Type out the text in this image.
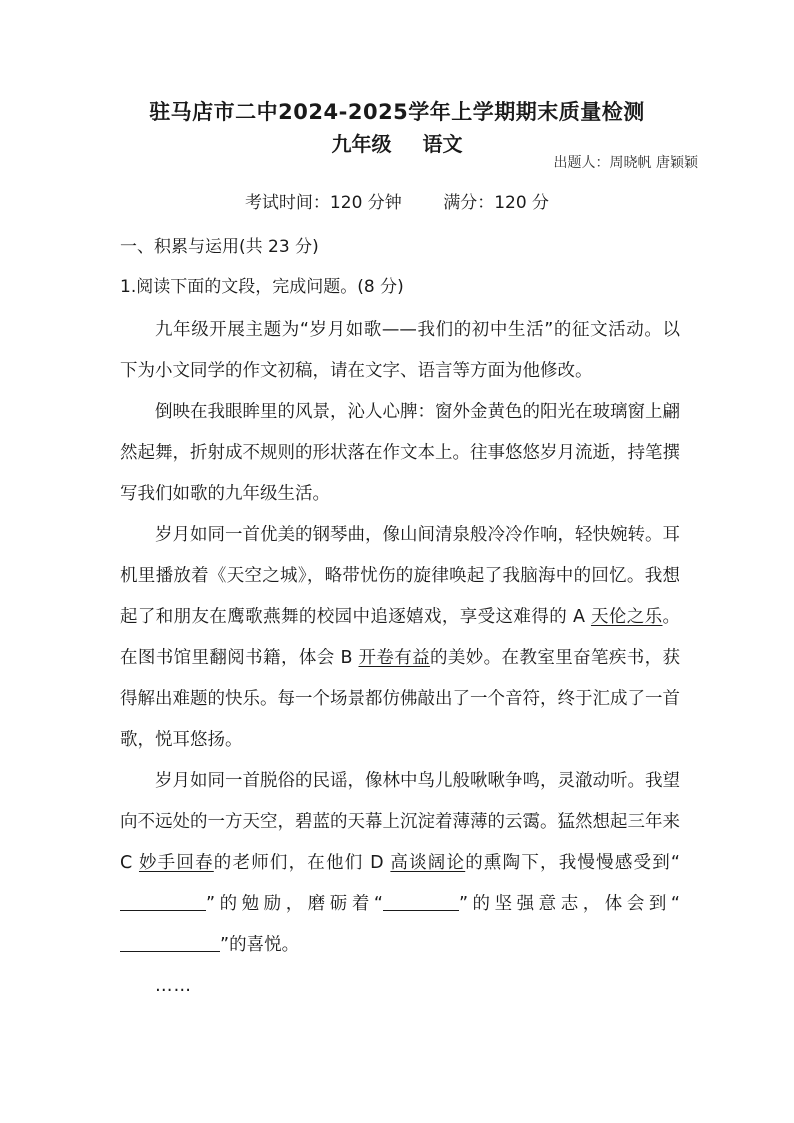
驻马店市二中2024-2025学年上学期期末质量检测
九年级 语文
出题人：周晓帆 唐颖颖
考试时间：120 分钟 满分：120 分
一、积累与运用(共 23 分)
1.阅读下面的文段，完成问题。(8 分)

九年级开展主题为“岁月如歌——我们的初中生活”的征文活动。以下为小文同学的作文初稿，请在文字、语言等方面为他修改。

倒映在我眼眸里的风景，沁人心脾：窗外金黄色的阳光在玻璃窗上翩然起舞，折射成不规则的形状落在作文本上。往事悠悠岁月流逝，持笔撰写我们如歌的九年级生活。

岁月如同一首优美的钢琴曲，像山间清泉般冷冷作响，轻快婉转。耳机里播放着《天空之城》，略带忧伤的旋律唤起了我脑海中的回忆。我想起了和朋友在鹰歌燕舞的校园中追逐嬉戏，享受这难得的 A 天伦之乐。在图书馆里翻阅书籍，体会 B 开卷有益的美妙。在教室里奋笔疾书，获得解出难题的快乐。每一个场景都仿佛敲出了一个音符，终于汇成了一首歌，悦耳悠扬。

岁月如同一首脱俗的民谣，像林中鸟儿般啾啾争鸣，灵澈动听。我望向不远处的一方天空，碧蓝的天幕上沉淀着薄薄的云霭。猛然想起三年来 C 妙手回春的老师们，在他们 D 高谈阔论的熏陶下，我慢慢感受到“”的勉励，磨砺着“	”的坚强意志，体会到“”的喜悦。

……
